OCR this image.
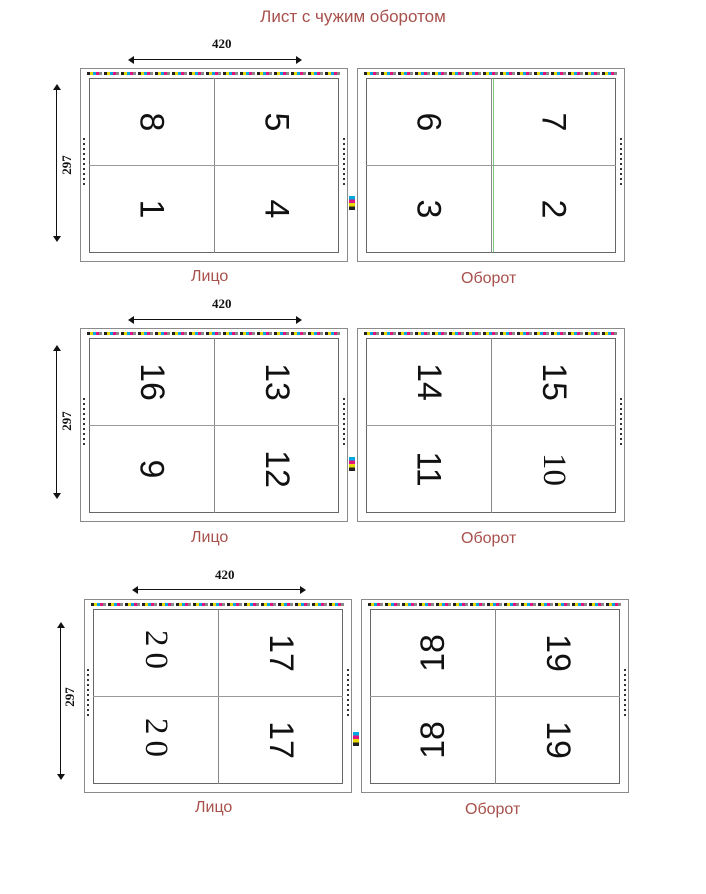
Лист с чужим оборотом
420
297
8	5
1	4
6	7
3	2
Лицо	Оборот
420
297
16	13
9	12
14	15
11	10
Лицо	Оборот
420
297
20	17
20	17
18	19
18	19
Лицо	Оборот
